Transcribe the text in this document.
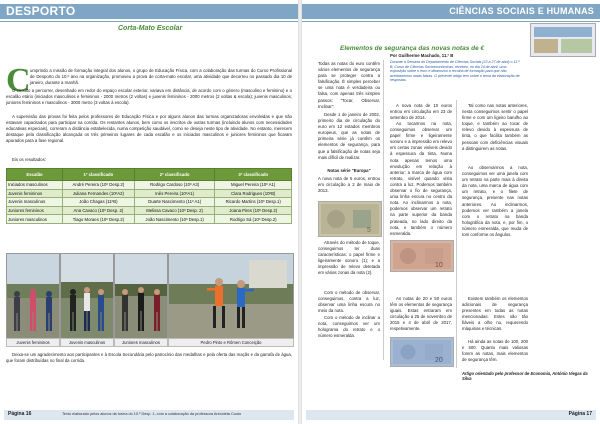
DESPORTO
Corta-Mato Escolar
C umprindo a missão de formação integral dos alunos, o grupo de Educação Física, com a colaboração das turmas do Curso Profissional de Desporto do 10.º ano na organização, promoveu a prova de corta-mato escolar, uma atividade que decorreu no passado dia 10 de janeiro, durante a manhã.
O circuito a percorrer, desenhado em redor do espaço escolar exterior, variava em distância, de acordo com o género (masculino e feminino) e o escalão etário (iniciados masculinos e femininos - 2000 metros (2 voltas) e juvenis femininos - 2000 metros (2 voltas & escola); juvenis masculinos, juniores femininos e masculinos - 3000 metro (3 voltas à escola).
A supervisão das provas foi feita pelos professores de Educação Física e por alguns alunos das turmas organizadoras envolvidas e que não estavam capacitados para participar na corrida. Os restantes alunos, bem como os inscritos de outras turmas (incluindo alunos com necessidades educativas especiais), correram a distância estabelecida, numa competição saudável, como se deseja neste tipo de atividade. No entanto, merecem destaque pela classificação alcançada os três primeiros lugares de cada escalão e os iniciados masculinos e juniores femininos que ficaram apurados para a fase regional.
Eis os resultados:
Escalão	1º classificado	2º classificado	3º classificado
Iniciados masculinos	André Pereira (10º Desp.2)	Rodrigo Cardoso (10º A3)	Miguel Pereira (10º A1)
Juvenis femininos	Juliana Fernandes (10ºA2)	Inês Pereira (10ºA1)	Clara Rodrigues (10ºB)
Juvenis masculinos	João Chagas (11ºB)	Duarte Nascimento (11º A1)	Ricardo Martins (10º Desp.1)
Juniores femininos	Ana Cavaco (10º Desp. 2)	Melissa Cavaco (10º Desp. 2)	Joana Pires (10º Desp.2)
Juniores masculinos	Tiago Moraes (10º Desp.2)	João Nascimento (10º Desp.1)	Rodrigo Sá (10º Desp.2)
Juvenis femininos	Juvenis masculinos	Juniores masculinos	Pedro Pinto e Rômen Conceição
Deixa-se um agradecimento aos participantes e à Escola Secundária pelo patrocínio das medalhas e pela oferta das maçãs e da garrafa de água, que foram distribuídas no final da corrida.
Página 16	Texto elaborado pelos alunos da turma do 10.º Desp. 1, com a colaboração da professora Antonieta Couto
CIÊNCIAS SOCIAIS E HUMANAS
Elementos de segurança das novas notas de €
Todas as notas do euro contêm vários elementos de segurança para se proteger contra a falsificação. É simples perceber se uma nota é verdadeira ou falsa, com apenas três simples passos: "Tocar, Observar, Inclinar".
Desde 1 de janeiro de 2002, primeiro dia de circulação do euro em 12 estados membros europeus, que as notas de primeira série já contêm os elementos de segurança, para que a falsificação de notas seja mais difícil de realizar.
Notas série "Europa"
A nova nota de 5 euros, entrou em circulação a 2 de maio de 2013.
5
Através do método de toque, conseguimos ter duas características: o papel firme e ligeiramente sonoro (1); e a impressão de relevo detetada em várias zonas da nota (2).
Com o método de observar, conseguimos, contra a luz, observar uma linha escura no meio da nota.
Com o método de inclinar a nota, conseguimos ver um holograma do retrato e o número esmeralda.
Por Guilherme Machado, 11.º B
Durante a Semana do Departamento de Ciências Sociais (23 a 27 de abril) o 11.º B, Curso de Ciências Socioeconómicas, recebeu, no dia 24 de abril, uma exposição sobre o euro e dinamizou a recolha de formação para que não aceitássemos notas falsas. O presente artigo tem sobre o tema da elaboração de respostas.
A nova nota de 10 euros entrou em circulação em 23 de setembro de 2014.
Ao tocarmos na nota, conseguimos observar um papel firme e ligeiramente sonoro e a impressão em relevo em certas zonas visíveis devido à espessura da tinta. Numa nota apenas temos uma envolução em relação à anterior: a marca de água com retrato, visível quando vista contra a luz. Podemos também observar o fio de segurança, uma linha escura no centro da nota. Ao inclinarmos a nota, podemos observar um retrato na parte superior da banda prateada, no lado direito da nota, e também o número esmeralda.
10
As notas de 20 e 50 euros têm os elementos de segurança iguais. Estas entraram em circulação a 25 de novembro de 2015 e 4 de abril de 2017, respetivamente.
20
Tal como nas notas anteriores, nesta conseguimos sentir o papel firme e com um ligeiro barulho ao toque, e também ao tocar de relevo devido à espessura de tinta, o que facilita também as pessoas com deficiências visuais a distinguirem as notas.
Ao observarmos a nota, conseguimos ver uma janela com um retrato na parte mais à direita da nota, uma marca de água com um retrato, e o filete de segurança, presente nas notas anteriores. Ao inclinarmos, podemos ver também a janela com o retrato na banda holográfica da nota, e, por fim, o número esmeralda, que muda de tom conforme os ângulos.
Existem também os elementos adicionais de segurança presentes em todas as notas mencionadas. Estes são tão fiáveis a olho nu, requerendo máquinas e técnicas.
Há ainda as notas de 100, 200 e 500. Quanto mais valiosas forem as notas, mais elementos de segurança têm.
Artigo orientado pelo professor de Economia, António Viegas da Silva
Página 17
